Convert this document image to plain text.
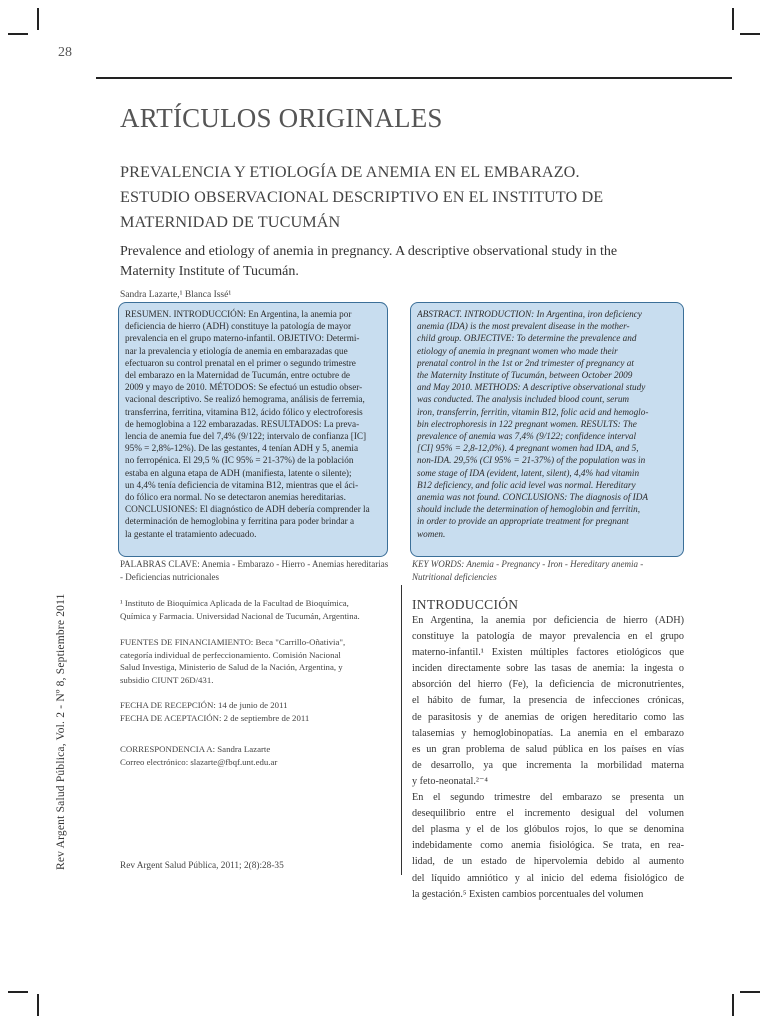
28
ARTÍCULOS ORIGINALES
PREVALENCIA Y ETIOLOGÍA DE ANEMIA EN EL EMBARAZO.
ESTUDIO OBSERVACIONAL DESCRIPTIVO EN EL INSTITUTO DE
MATERNIDAD DE TUCUMÁN
Prevalence and etiology of anemia in pregnancy. A descriptive observational study in the
Maternity Institute of Tucumán.
Sandra Lazarte,¹ Blanca Issé¹
RESUMEN. INTRODUCCIÓN: En Argentina, la anemia por
deficiencia de hierro (ADH) constituye la patología de mayor
prevalencia en el grupo materno-infantil. OBJETIVO: Determi-
nar la prevalencia y etiología de anemia en embarazadas que
efectuaron su control prenatal en el primer o segundo trimestre
del embarazo en la Maternidad de Tucumán, entre octubre de
2009 y mayo de 2010. MÉTODOS: Se efectuó un estudio obser-
vacional descriptivo. Se realizó hemograma, análisis de ferremia,
transferrina, ferritina, vitamina B12, ácido fólico y electroforesis
de hemoglobina a 122 embarazadas. RESULTADOS: La preva-
lencia de anemia fue del 7,4% (9/122; intervalo de confianza [IC]
95% = 2,8%-12%). De las gestantes, 4 tenían ADH y 5, anemia
no ferropénica. El 29,5 % (IC 95% = 21-37%) de la población
estaba en alguna etapa de ADH (manifiesta, latente o silente);
un 4,4% tenía deficiencia de vitamina B12, mientras que el áci-
do fólico era normal. No se detectaron anemias hereditarias.
CONCLUSIONES: El diagnóstico de ADH debería comprender la
determinación de hemoglobina y ferritina para poder brindar a
la gestante el tratamiento adecuado.
ABSTRACT. INTRODUCTION: In Argentina, iron deficiency
anemia (IDA) is the most prevalent disease in the mother-
child group. OBJECTIVE: To determine the prevalence and
etiology of anemia in pregnant women who made their
prenatal control in the 1st or 2nd trimester of pregnancy at
the Maternity Institute of Tucumán, between October 2009
and May 2010. METHODS: A descriptive observational study
was conducted. The analysis included blood count, serum
iron, transferrin, ferritin, vitamin B12, folic acid and hemoglo-
bin electrophoresis in 122 pregnant women. RESULTS: The
prevalence of anemia was 7,4% (9/122; confidence interval
[CI] 95% = 2,8-12,0%). 4 pregnant women had IDA, and 5,
non-IDA. 29,5% (CI 95% = 21-37%) of the population was in
some stage of IDA (evident, latent, silent), 4,4% had vitamin
B12 deficiency, and folic acid level was normal. Hereditary
anemia was not found. CONCLUSIONS: The diagnosis of IDA
should include the determination of hemoglobin and ferritin,
in order to provide an appropriate treatment for pregnant
women.
PALABRAS CLAVE: Anemia - Embarazo - Hierro - Anemias hereditarias
- Deficiencias nutricionales
KEY WORDS: Anemia - Pregnancy - Iron - Hereditary anemia -
Nutritional deficiencies
Rev Argent Salud Pública, Vol. 2 - Nº 8, Septiembre 2011	¹ Instituto de Bioquímica Aplicada de la Facultad de Bioquímica,
Química y Farmacia. Universidad Nacional de Tucumán, Argentina.
FUENTES DE FINANCIAMIENTO: Beca "Carrillo-Oñativia",
categoría individual de perfeccionamiento. Comisión Nacional
Salud Investiga, Ministerio de Salud de la Nación, Argentina, y
subsidio CIUNT 26D/431.
FECHA DE RECEPCIÓN: 14 de junio de 2011
FECHA DE ACEPTACIÓN: 2 de septiembre de 2011
CORRESPONDENCIA A: Sandra Lazarte
Correo electrónico: slazarte@fbqf.unt.edu.ar
INTRODUCCIÓN
En Argentina, la anemia por deficiencia de hierro (ADH)
constituye la patología de mayor prevalencia en el grupo
materno-infantil.¹ Existen múltiples factores etiológicos que
inciden directamente sobre las tasas de anemia: la ingesta o
absorción del hierro (Fe), la deficiencia de micronutrientes,
el hábito de fumar, la presencia de infecciones crónicas,
de parasitosis y de anemias de origen hereditario como las
talasemias y hemoglobinopatías. La anemia en el embarazo
es un gran problema de salud pública en los países en vías
de desarrollo, ya que incrementa la morbilidad materna
y feto-neonatal.²⁻⁴
En el segundo trimestre del embarazo se presenta un
desequilibrio entre el incremento desigual del volumen
del plasma y el de los glóbulos rojos, lo que se denomina
indebidamente como anemia fisiológica. Se trata, en rea-
lidad, de un estado de hipervolemia debido al aumento
del líquido amniótico y al inicio del edema fisiológico de
la gestación.⁵ Existen cambios porcentuales del volumen
Rev Argent Salud Pública, 2011; 2(8):28-35
